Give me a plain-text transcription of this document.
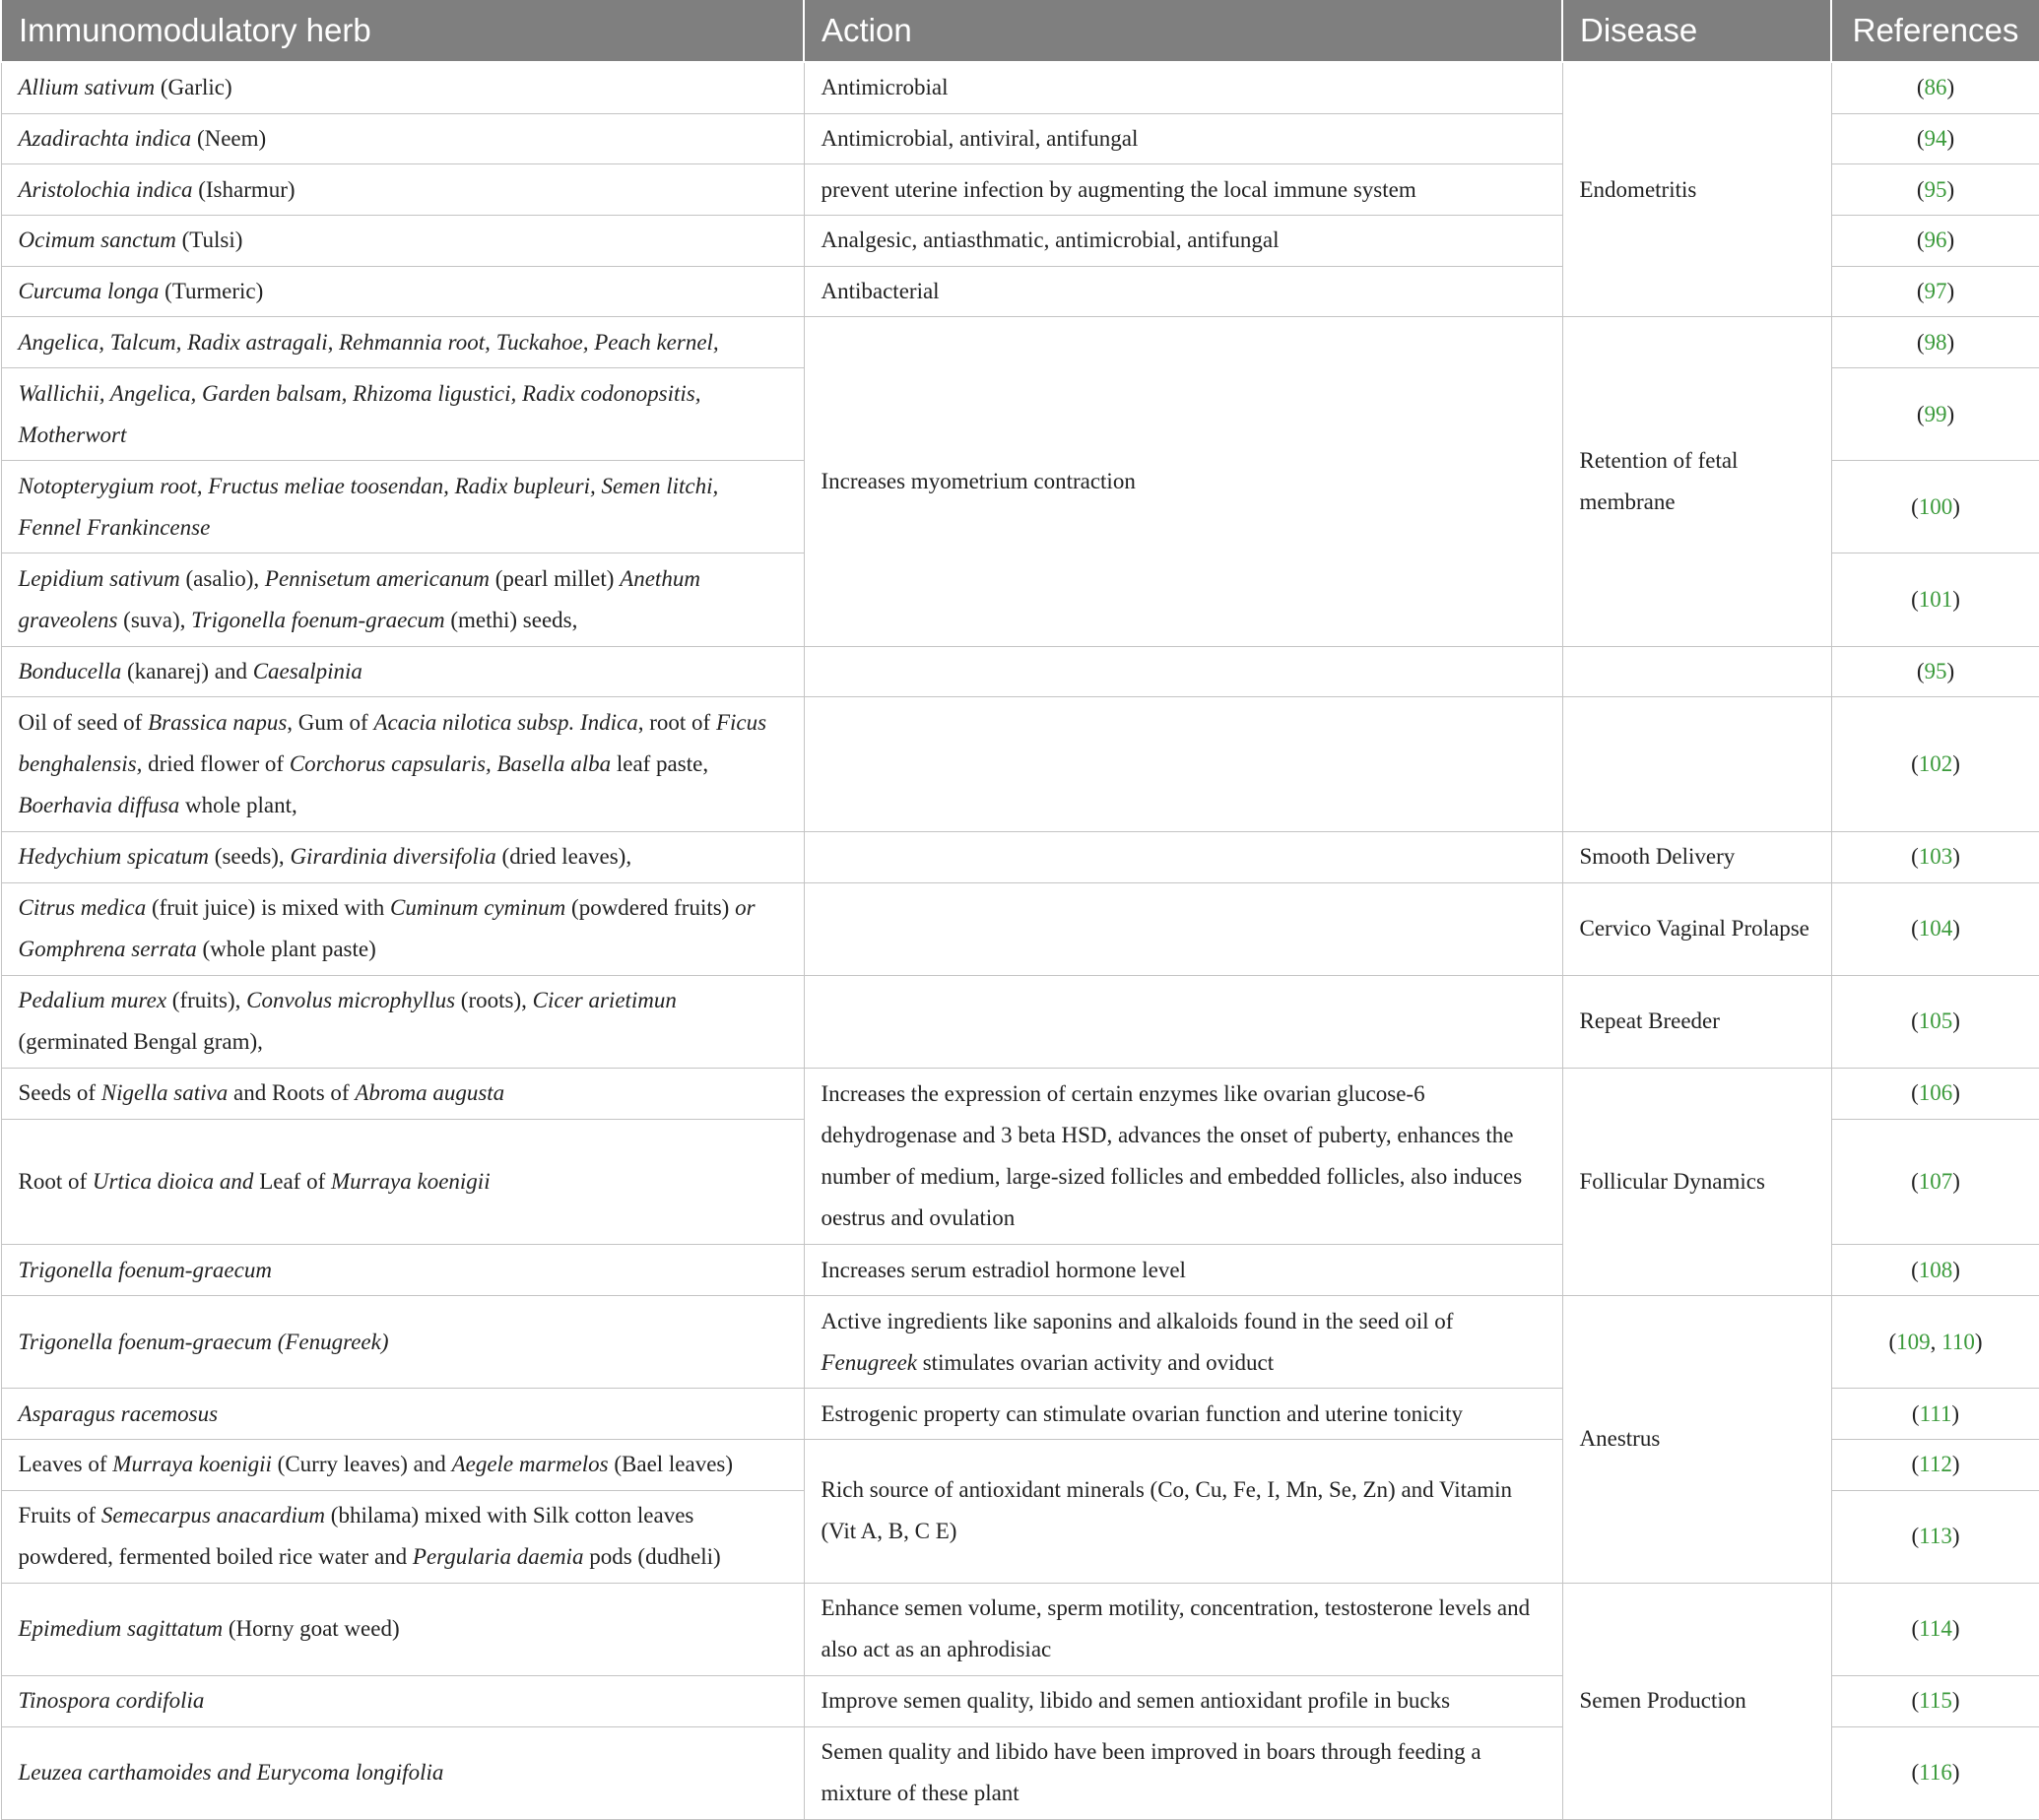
Immunomodulatory herb	Action	Disease	References
Allium sativum (Garlic)	Antimicrobial	Endometritis	(86)
Azadirachta indica (Neem)	Antimicrobial, antiviral, antifungal		(94)
Aristolochia indica (Isharmur)	prevent uterine infection by augmenting the local immune system		(95)
Ocimum sanctum (Tulsi)	Analgesic, antiasthmatic, antimicrobial, antifungal		(96)
Curcuma longa (Turmeric)	Antibacterial		(97)
Angelica, Talcum, Radix astragali, Rehmannia root, Tuckahoe, Peach kernel,	Increases myometrium contraction	Retention of fetal membrane	(98)
Wallichii, Angelica, Garden balsam, Rhizoma ligustici, Radix codonopsitis, Motherwort			(99)
Notopterygium root, Fructus meliae toosendan, Radix bupleuri, Semen litchi, Fennel Frankincense			(100)
Lepidium sativum (asalio), Pennisetum americanum (pearl millet) Anethum graveolens (suva), Trigonella foenum-graecum (methi) seeds,			(101)
Bonducella (kanarej) and Caesalpinia			(95)
Oil of seed of Brassica napus, Gum of Acacia nilotica subsp. Indica, root of Ficus benghalensis, dried flower of Corchorus capsularis, Basella alba leaf paste, Boerhavia diffusa whole plant,			(102)
Hedychium spicatum (seeds), Girardinia diversifolia (dried leaves),		Smooth Delivery	(103)
Citrus medica (fruit juice) is mixed with Cuminum cyminum (powdered fruits) or Gomphrena serrata (whole plant paste)		Cervico Vaginal Prolapse	(104)
Pedalium murex (fruits), Convolus microphyllus (roots), Cicer arietimun (germinated Bengal gram),		Repeat Breeder	(105)
Seeds of Nigella sativa and Roots of Abroma augusta	Increases the expression of certain enzymes like ovarian glucose-6 dehydrogenase and 3 beta HSD, advances the onset of puberty, enhances the number of medium, large-sized follicles and embedded follicles, also induces oestrus and ovulation	Follicular Dynamics	(106)
Root of Urtica dioica and Leaf of Murraya koenigii			(107)
Trigonella foenum-graecum	Increases serum estradiol hormone level		(108)
Trigonella foenum-graecum (Fenugreek)	Active ingredients like saponins and alkaloids found in the seed oil of Fenugreek stimulates ovarian activity and oviduct	Anestrus	(109, 110)
Asparagus racemosus	Estrogenic property can stimulate ovarian function and uterine tonicity		(111)
Leaves of Murraya koenigii (Curry leaves) and Aegele marmelos (Bael leaves)	Rich source of antioxidant minerals (Co, Cu, Fe, I, Mn, Se, Zn) and Vitamin (Vit A, B, C E)		(112)
Fruits of Semecarpus anacardium (bhilama) mixed with Silk cotton leaves powdered, fermented boiled rice water and Pergularia daemia pods (dudheli)			(113)
Epimedium sagittatum (Horny goat weed)	Enhance semen volume, sperm motility, concentration, testosterone levels and also act as an aphrodisiac	Semen Production	(114)
Tinospora cordifolia	Improve semen quality, libido and semen antioxidant profile in bucks		(115)
Leuzea carthamoides and Eurycoma longifolia	Semen quality and libido have been improved in boars through feeding a mixture of these plant		(116)
